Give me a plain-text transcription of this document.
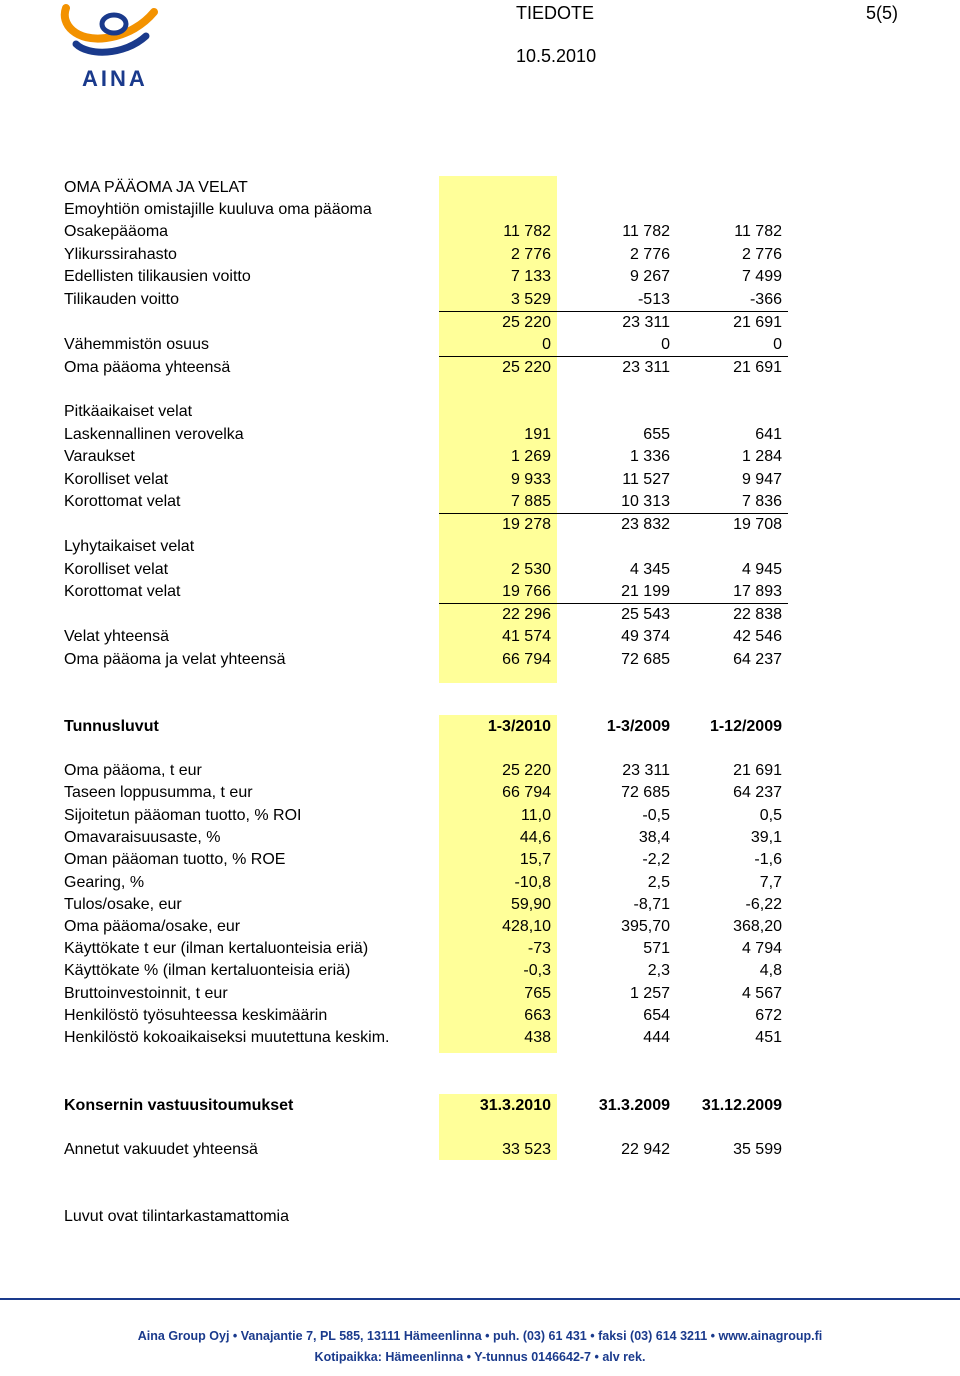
AINA
TIEDOTE	5(5)
10.5.2010
OMA PÄÄOMA JA VELAT
Emoyhtiön omistajille kuuluva oma pääoma
Osakepääoma	11 782	11 782	11 782
Ylikurssirahasto	2 776	2 776	2 776
Edellisten tilikausien voitto	7 133	9 267	7 499
Tilikauden voitto	3 529	-513	-366
25 220	23 311	21 691
Vähemmistön osuus	0	0	0
Oma pääoma yhteensä	25 220	23 311	21 691
Pitkäaikaiset velat
Laskennallinen verovelka	191	655	641
Varaukset	1 269	1 336	1 284
Korolliset velat	9 933	11 527	9 947
Korottomat velat	7 885	10 313	7 836
19 278	23 832	19 708
Lyhytaikaiset velat
Korolliset velat	2 530	4 345	4 945
Korottomat velat	19 766	21 199	17 893
22 296	25 543	22 838
Velat yhteensä	41 574	49 374	42 546
Oma pääoma ja velat yhteensä	66 794	72 685	64 237
Tunnusluvut	1-3/2010	1-3/2009 1-12/2009
Oma pääoma, t eur	25 220	23 311	21 691
Taseen loppusumma, t eur	66 794	72 685	64 237
Sijoitetun pääoman tuotto, % ROI	11,0	-0,5	0,5
Omavaraisuusaste, %	44,6	38,4	39,1
Oman pääoman tuotto, % ROE	15,7	-2,2	-1,6
Gearing, %	-10,8	2,5	7,7
Tulos/osake, eur	59,90	-8,71	-6,22
Oma pääoma/osake, eur	428,10	395,70	368,20
Käyttökate t eur (ilman kertaluonteisia eriä)	-73	571	4 794
Käyttökate % (ilman kertaluonteisia eriä)	-0,3	2,3	4,8
Bruttoinvestoinnit, t eur	765	1 257	4 567
Henkilöstö työsuhteessa keskimäärin	663	654	672
Henkilöstö kokoaikaiseksi muutettuna keskim.	438	444	451
Konsernin vastuusitoumukset	31.3.2010	31.3.2009 31.12.2009
Annetut vakuudet yhteensä	33 523	22 942	35 599
Luvut ovat tilintarkastamattomia
Aina Group Oyj • Vanajantie 7, PL 585, 13111 Hämeenlinna • puh. (03) 61 431 • faksi (03) 614 3211 • www.ainagroup.fi
Kotipaikka: Hämeenlinna • Y-tunnus 0146642-7 • alv rek.
